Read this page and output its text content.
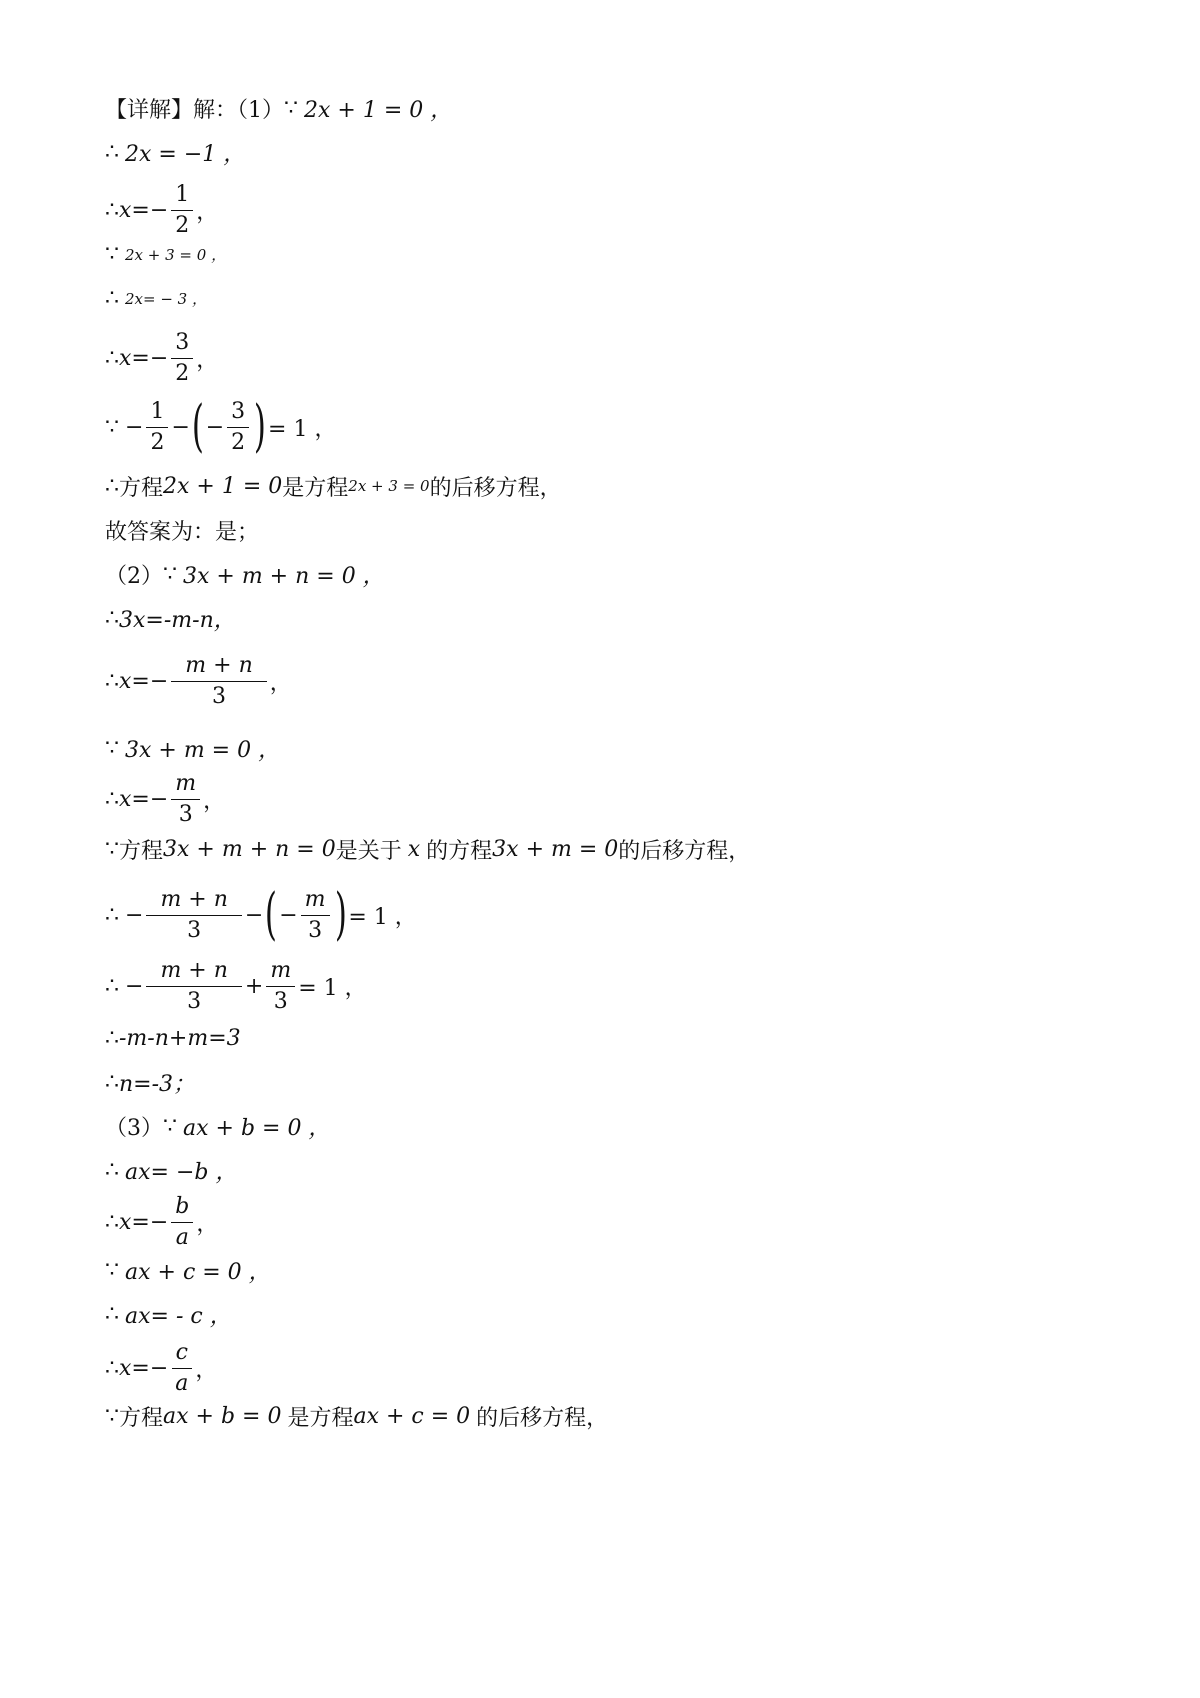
【详解】解：（1） ∵ 2x + 1 = 0 ，
∴ 2x = −1 ，
∴ $x= - \frac{1}{2}$ ，
∵ 2x + 3 = 0 ，
∴ 2x= − 3 ，
∴ $x= - \frac{3}{2}$ ，
∵ − $\frac{1}{2}$ − ( − $\frac{3}{2}$ ) = 1 ，
∴ 方程 2x + 1 = 0 是方程 2x + 3 = 0 的后移方程，
故答案为：是；
（2） ∵ 3x + m + n = 0 ，
∴ 3x=-m-n，
∴ $x= - \frac{m + n}{3}$ ，
∵ 3x + m = 0 ，
∴ $x= - \frac{m}{3}$ ，
∵ 方程 3x + m + n = 0 是关于 x 的方程 3x + m = 0 的后移方程，
∴ − $\frac{m + n}{3}$ − ( − $\frac{m}{3}$ ) = 1 ，
∴ − $\frac{m + n}{3} + \frac{m}{3} = 1$ ，
∴ -m-n+m=3
∴ n=-3；
（3） ∵ ax + b = 0 ，
∴ ax= −b ，
∴ $x= - \frac{b}{a}$ ，
∵ ax + c = 0 ，
∴ ax= - c ，
∴ $x= - \frac{c}{a}$ ，
∵ 方程 ax + b = 0 是方程 ax + c = 0 的后移方程，
